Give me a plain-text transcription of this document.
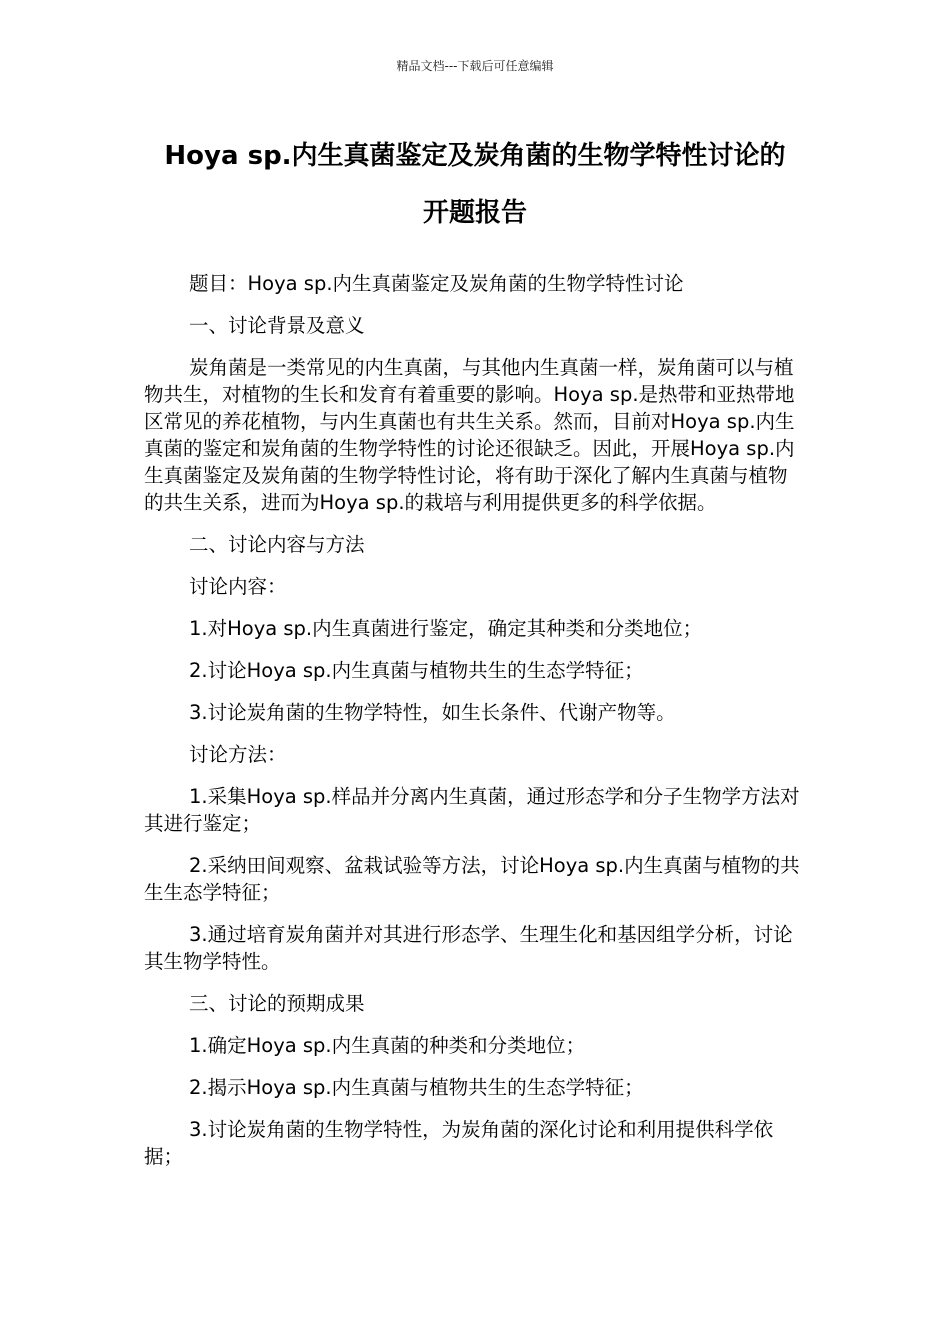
精品文档---下载后可任意编辑
Hoya sp.内生真菌鉴定及炭角菌的生物学特性讨论的
开题报告

题目：Hoya sp.内生真菌鉴定及炭角菌的生物学特性讨论

一、讨论背景及意义

炭角菌是一类常见的内生真菌，与其他内生真菌一样，炭角菌可以与植物共生，对植物的生长和发育有着重要的影响。Hoya sp.是热带和亚热带地区常见的养花植物，与内生真菌也有共生关系。然而，目前对Hoya sp.内生真菌的鉴定和炭角菌的生物学特性的讨论还很缺乏。因此，开展Hoya sp.内生真菌鉴定及炭角菌的生物学特性讨论，将有助于深化了解内生真菌与植物的共生关系，进而为Hoya sp.的栽培与利用提供更多的科学依据。

二、讨论内容与方法

讨论内容：

1.对Hoya sp.内生真菌进行鉴定，确定其种类和分类地位；

2.讨论Hoya sp.内生真菌与植物共生的生态学特征；

3.讨论炭角菌的生物学特性，如生长条件、代谢产物等。

讨论方法：

1.采集Hoya sp.样品并分离内生真菌，通过形态学和分子生物学方法对其进行鉴定；

2.采纳田间观察、盆栽试验等方法，讨论Hoya sp.内生真菌与植物的共生生态学特征；

3.通过培育炭角菌并对其进行形态学、生理生化和基因组学分析，讨论其生物学特性。

三、讨论的预期成果

1.确定Hoya sp.内生真菌的种类和分类地位；

2.揭示Hoya sp.内生真菌与植物共生的生态学特征；

3.讨论炭角菌的生物学特性，为炭角菌的深化讨论和利用提供科学依据；
